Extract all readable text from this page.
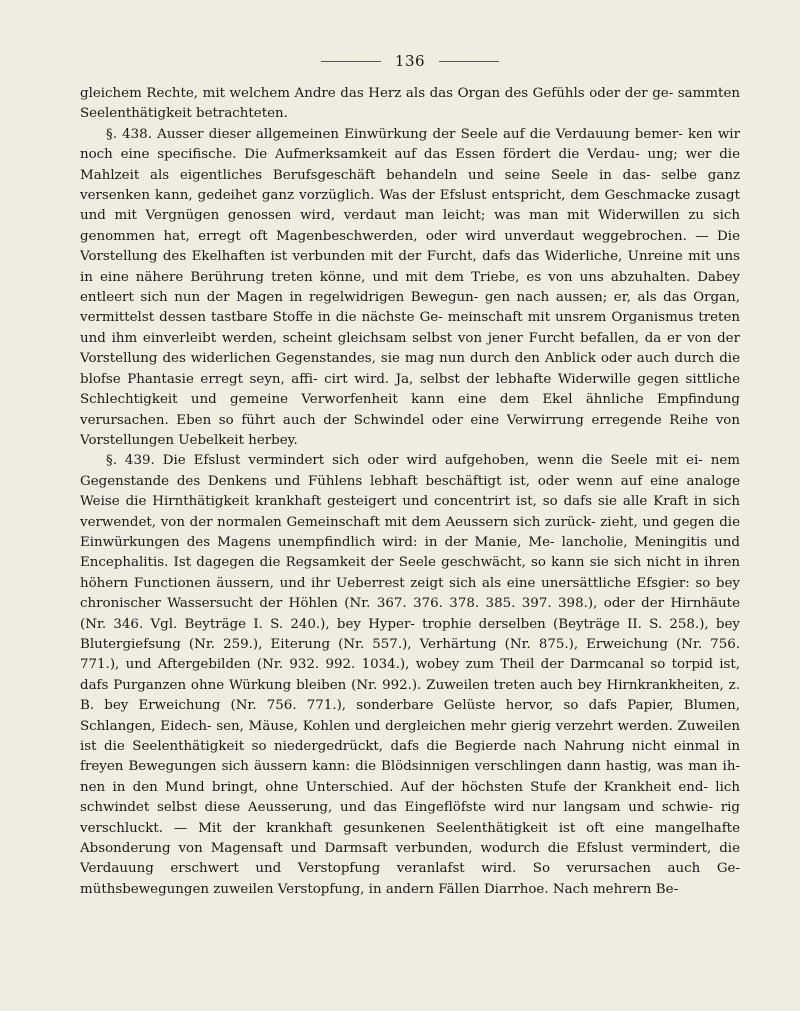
136

gleichem Rechte, mit welchem Andre das Herz als das Organ des Gefühls oder der ge- sammten Seelenthätigkeit betrachteten.

§. 438. Ausser dieser allgemeinen Einwürkung der Seele auf die Verdauung bemer- ken wir noch eine specifische. Die Aufmerksamkeit auf das Essen fördert die Verdau- ung; wer die Mahlzeit als eigentliches Berufsgeschäft behandeln und seine Seele in das- selbe ganz versenken kann, gedeihet ganz vorzüglich. Was der Efslust entspricht, dem Geschmacke zusagt und mit Vergnügen genossen wird, verdaut man leicht; was man mit Widerwillen zu sich genommen hat, erregt oft Magenbeschwerden, oder wird unverdaut weggebrochen. — Die Vorstellung des Ekelhaften ist verbunden mit der Furcht, dafs das Widerliche, Unreine mit uns in eine nähere Berührung treten könne, und mit dem Triebe, es von uns abzuhalten. Dabey entleert sich nun der Magen in regelwidrigen Bewegun- gen nach aussen; er, als das Organ, vermittelst dessen tastbare Stoffe in die nächste Ge- meinschaft mit unsrem Organismus treten und ihm einverleibt werden, scheint gleichsam selbst von jener Furcht befallen, da er von der Vorstellung des widerlichen Gegenstandes, sie mag nun durch den Anblick oder auch durch die blofse Phantasie erregt seyn, affi- cirt wird. Ja, selbst der lebhafte Widerwille gegen sittliche Schlechtigkeit und gemeine Verworfenheit kann eine dem Ekel ähnliche Empfindung verursachen. Eben so führt auch der Schwindel oder eine Verwirrung erregende Reihe von Vorstellungen Uebelkeit herbey.

§. 439. Die Efslust vermindert sich oder wird aufgehoben, wenn die Seele mit ei- nem Gegenstande des Denkens und Fühlens lebhaft beschäftigt ist, oder wenn auf eine analoge Weise die Hirnthätigkeit krankhaft gesteigert und concentrirt ist, so dafs sie alle Kraft in sich verwendet, von der normalen Gemeinschaft mit dem Aeussern sich zurück- zieht, und gegen die Einwürkungen des Magens unempfindlich wird: in der Manie, Me- lancholie, Meningitis und Encephalitis. Ist dagegen die Regsamkeit der Seele geschwächt, so kann sie sich nicht in ihren höhern Functionen äussern, und ihr Ueberrest zeigt sich als eine unersättliche Efsgier: so bey chronischer Wassersucht der Höhlen (Nr. 367. 376. 378. 385. 397. 398.), oder der Hirnhäute (Nr. 346. Vgl. Beyträge I. S. 240.), bey Hyper- trophie derselben (Beyträge II. S. 258.), bey Blutergiefsung (Nr. 259.), Eiterung (Nr. 557.), Verhärtung (Nr. 875.), Erweichung (Nr. 756. 771.), und Aftergebilden (Nr. 932. 992. 1034.), wobey zum Theil der Darmcanal so torpid ist, dafs Purganzen ohne Würkung bleiben (Nr. 992.). Zuweilen treten auch bey Hirnkrankheiten, z. B. bey Erweichung (Nr. 756. 771.), sonderbare Gelüste hervor, so dafs Papier, Blumen, Schlangen, Eidech- sen, Mäuse, Kohlen und dergleichen mehr gierig verzehrt werden. Zuweilen ist die Seelenthätigkeit so niedergedrückt, dafs die Begierde nach Nahrung nicht einmal in freyen Bewegungen sich äussern kann: die Blödsinnigen verschlingen dann hastig, was man ih- nen in den Mund bringt, ohne Unterschied. Auf der höchsten Stufe der Krankheit end- lich schwindet selbst diese Aeusserung, und das Eingeflöfste wird nur langsam und schwie- rig verschluckt. — Mit der krankhaft gesunkenen Seelenthätigkeit ist oft eine mangelhafte Absonderung von Magensaft und Darmsaft verbunden, wodurch die Efslust vermindert, die Verdauung erschwert und Verstopfung veranlafst wird. So verursachen auch Ge- müthsbewegungen zuweilen Verstopfung, in andern Fällen Diarrhoe. Nach mehrern Be-
